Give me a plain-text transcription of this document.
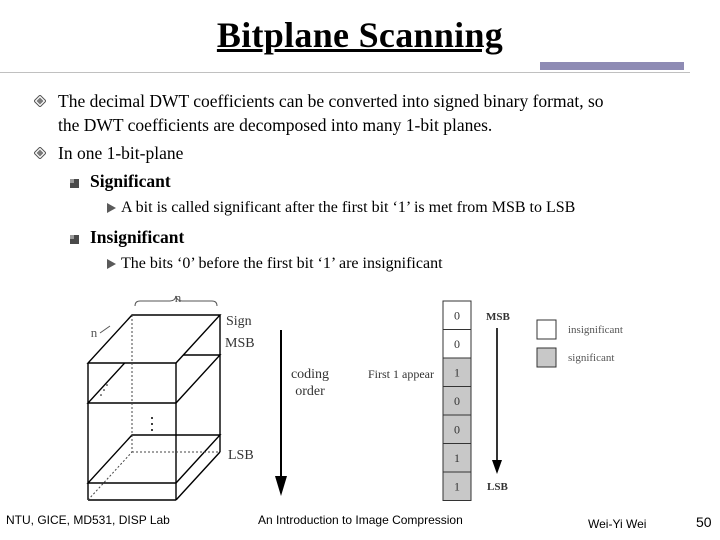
Bitplane Scanning
The decimal DWT coefficients can be converted into signed binary format, so
the DWT coefficients are decomposed into many 1-bit planes.
In one 1-bit-plane
Significant
A bit is called significant after the first bit ‘1’ is met from MSB to LSB
Insignificant
The bits ‘0’ before the first bit ‘1’ are insignificant
n
n
Sign
MSB
LSB
coding
order
First 1 appear
0
0
1
0
0
1
1
MSB
LSB
insignificant
significant
NTU, GICE, MD531, DISP Lab	An Introduction to Image Compression	Wei-Yi Wei	50
